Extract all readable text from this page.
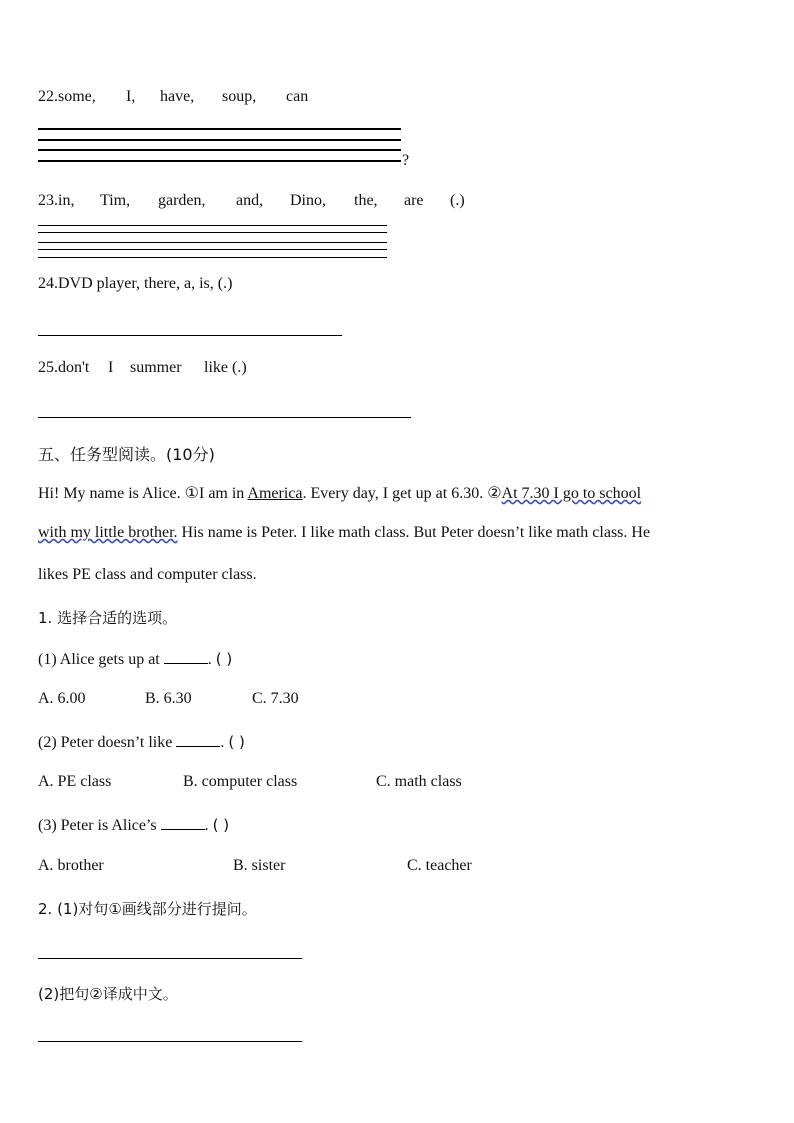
22.some, I, have, soup, can
?
23.in, Tim, garden, and, Dino, the, are (.)
24.DVD player, there, a, is, (.)
25.don't I summer like (.)
五、任务型阅读。(10分)
Hi! My name is Alice. ①I am in America. Every day, I get up at 6.30. ②At 7.30 I go to school
with my little brother. His name is Peter. I like math class. But Peter doesn’t like math class. He
likes PE class and computer class.
1. 选择合适的选项。
(1) Alice gets up at	. ( )
A. 6.00	B. 6.30	C. 7.30
(2) Peter doesn’t like	. ( )
A. PE class	B. computer class	C. math class
(3) Peter is Alice’s	. ( )
A. brother	B. sister	C. teacher
2. (1)对句①画线部分进行提问。
(2)把句②译成中文。
